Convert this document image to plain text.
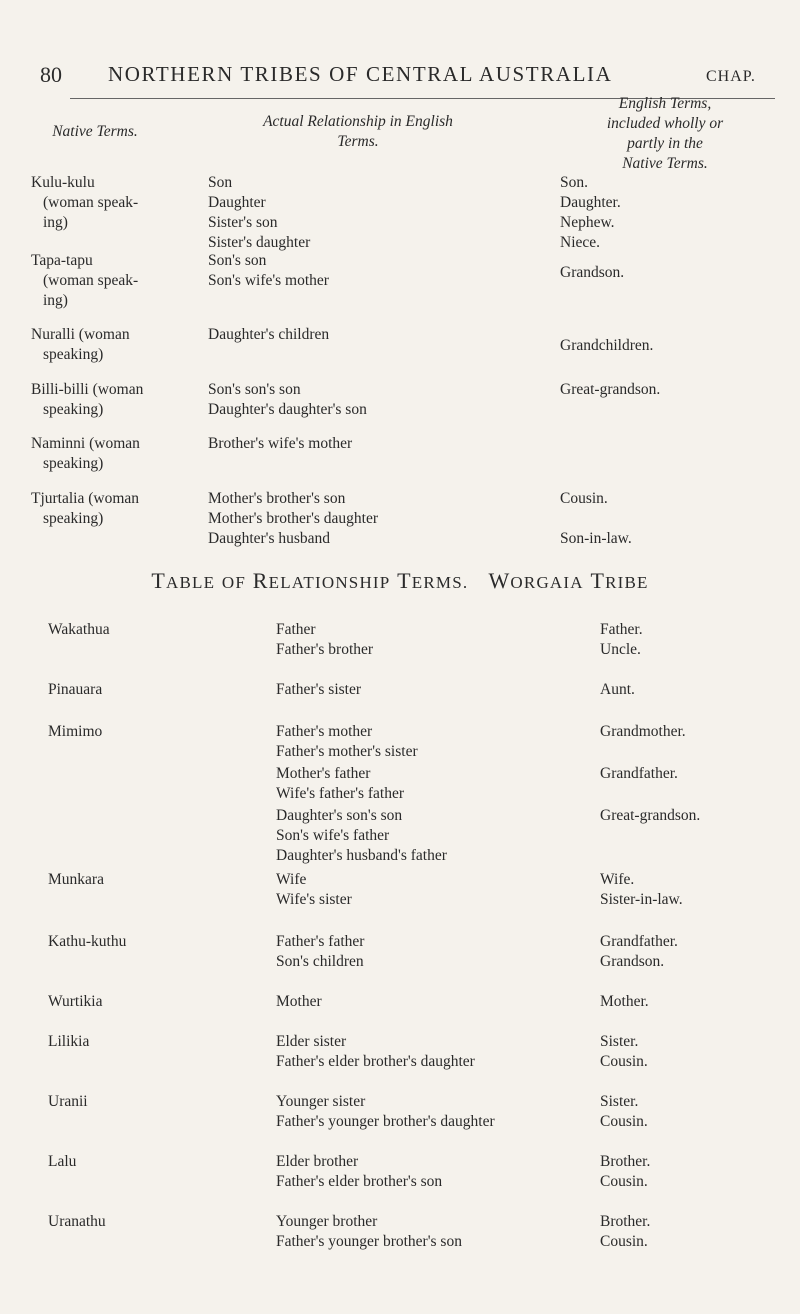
80 NORTHERN TRIBES OF CENTRAL AUSTRALIA	CHAP.
Native Terms.
Actual Relationship in English
Terms.
English Terms,
included wholly or
partly in the
Native Terms.
Kulu-kulu
(woman speak-
ing)
Tapa-tapu
(woman speak-
ing)
Nuralli (woman
speaking)
Billi-billi (woman
speaking)
Naminni (woman
speaking)
Tjurtalia (woman
speaking)
Son
Daughter
Sister's son
Sister's daughter
Son's son
Son's wife's mother
Daughter's children
Son's son's son
Daughter's daughter's son
Brother's wife's mother
Mother's brother's son
Mother's brother's daughter
Daughter's husband
Son.
Daughter.
Nephew.
Niece.
Grandson.
Grandchildren.
Great-grandson.
Cousin.
Son-in-law.
TABLE OF RELATIONSHIP TERMS. WORGAIA TRIBE
Wakathua
Pinauara
Mimimo
Munkara
Kathu-kuthu
Wurtikia
Lilikia
Uranii
Lalu
Uranathu
Father
Father's brother
Father's sister
Father's mother
Father's mother's sister
Mother's father
Wife's father's father
Daughter's son's son
Son's wife's father
Daughter's husband's father
Wife
Wife's sister
Father's father
Son's children
Mother
Elder sister
Father's elder brother's daughter
Younger sister
Father's younger brother's daughter
Elder brother
Father's elder brother's son
Younger brother
Father's younger brother's son
Father.
Uncle.
Aunt.
Grandmother.
Grandfather.
Great-grandson.
Wife.
Sister-in-law.
Grandfather.
Grandson.
Mother.
Sister.
Cousin.
Sister.
Cousin.
Brother.
Cousin.
Brother.
Cousin.
